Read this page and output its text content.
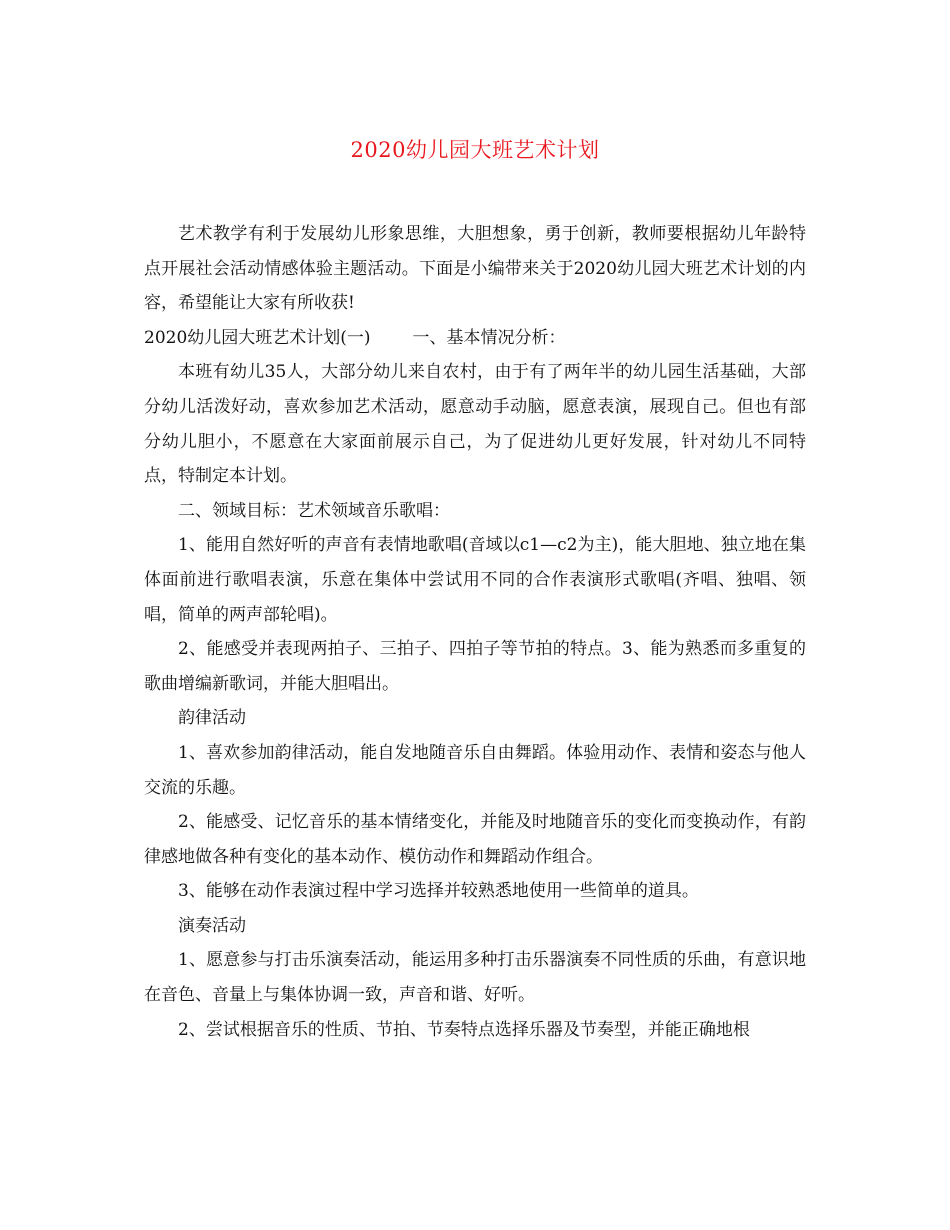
2020幼儿园大班艺术计划

艺术教学有利于发展幼儿形象思维，大胆想象，勇于创新，教师要根据幼儿年龄特点开展社会活动情感体验主题活动。下面是小编带来关于2020幼儿园大班艺术计划的内容，希望能让大家有所收获!

2020幼儿园大班艺术计划(一) 一、基本情况分析：

本班有幼儿35人，大部分幼儿来自农村，由于有了两年半的幼儿园生活基础，大部分幼儿活泼好动，喜欢参加艺术活动，愿意动手动脑，愿意表演，展现自己。但也有部分幼儿胆小，不愿意在大家面前展示自己，为了促进幼儿更好发展，针对幼儿不同特点，特制定本计划。

二、领域目标：艺术领域音乐歌唱：

1、能用自然好听的声音有表情地歌唱(音域以c1—c2为主)，能大胆地、独立地在集体面前进行歌唱表演，乐意在集体中尝试用不同的合作表演形式歌唱(齐唱、独唱、领唱，简单的两声部轮唱)。

2、能感受并表现两拍子、三拍子、四拍子等节拍的特点。3、能为熟悉而多重复的歌曲增编新歌词，并能大胆唱出。

韵律活动

1、喜欢参加韵律活动，能自发地随音乐自由舞蹈。体验用动作、表情和姿态与他人交流的乐趣。

2、能感受、记忆音乐的基本情绪变化，并能及时地随音乐的变化而变换动作，有韵律感地做各种有变化的基本动作、模仿动作和舞蹈动作组合。

3、能够在动作表演过程中学习选择并较熟悉地使用一些简单的道具。

演奏活动

1、愿意参与打击乐演奏活动，能运用多种打击乐器演奏不同性质的乐曲，有意识地在音色、音量上与集体协调一致，声音和谐、好听。

2、尝试根据音乐的性质、节拍、节奏特点选择乐器及节奏型，并能正确地根
